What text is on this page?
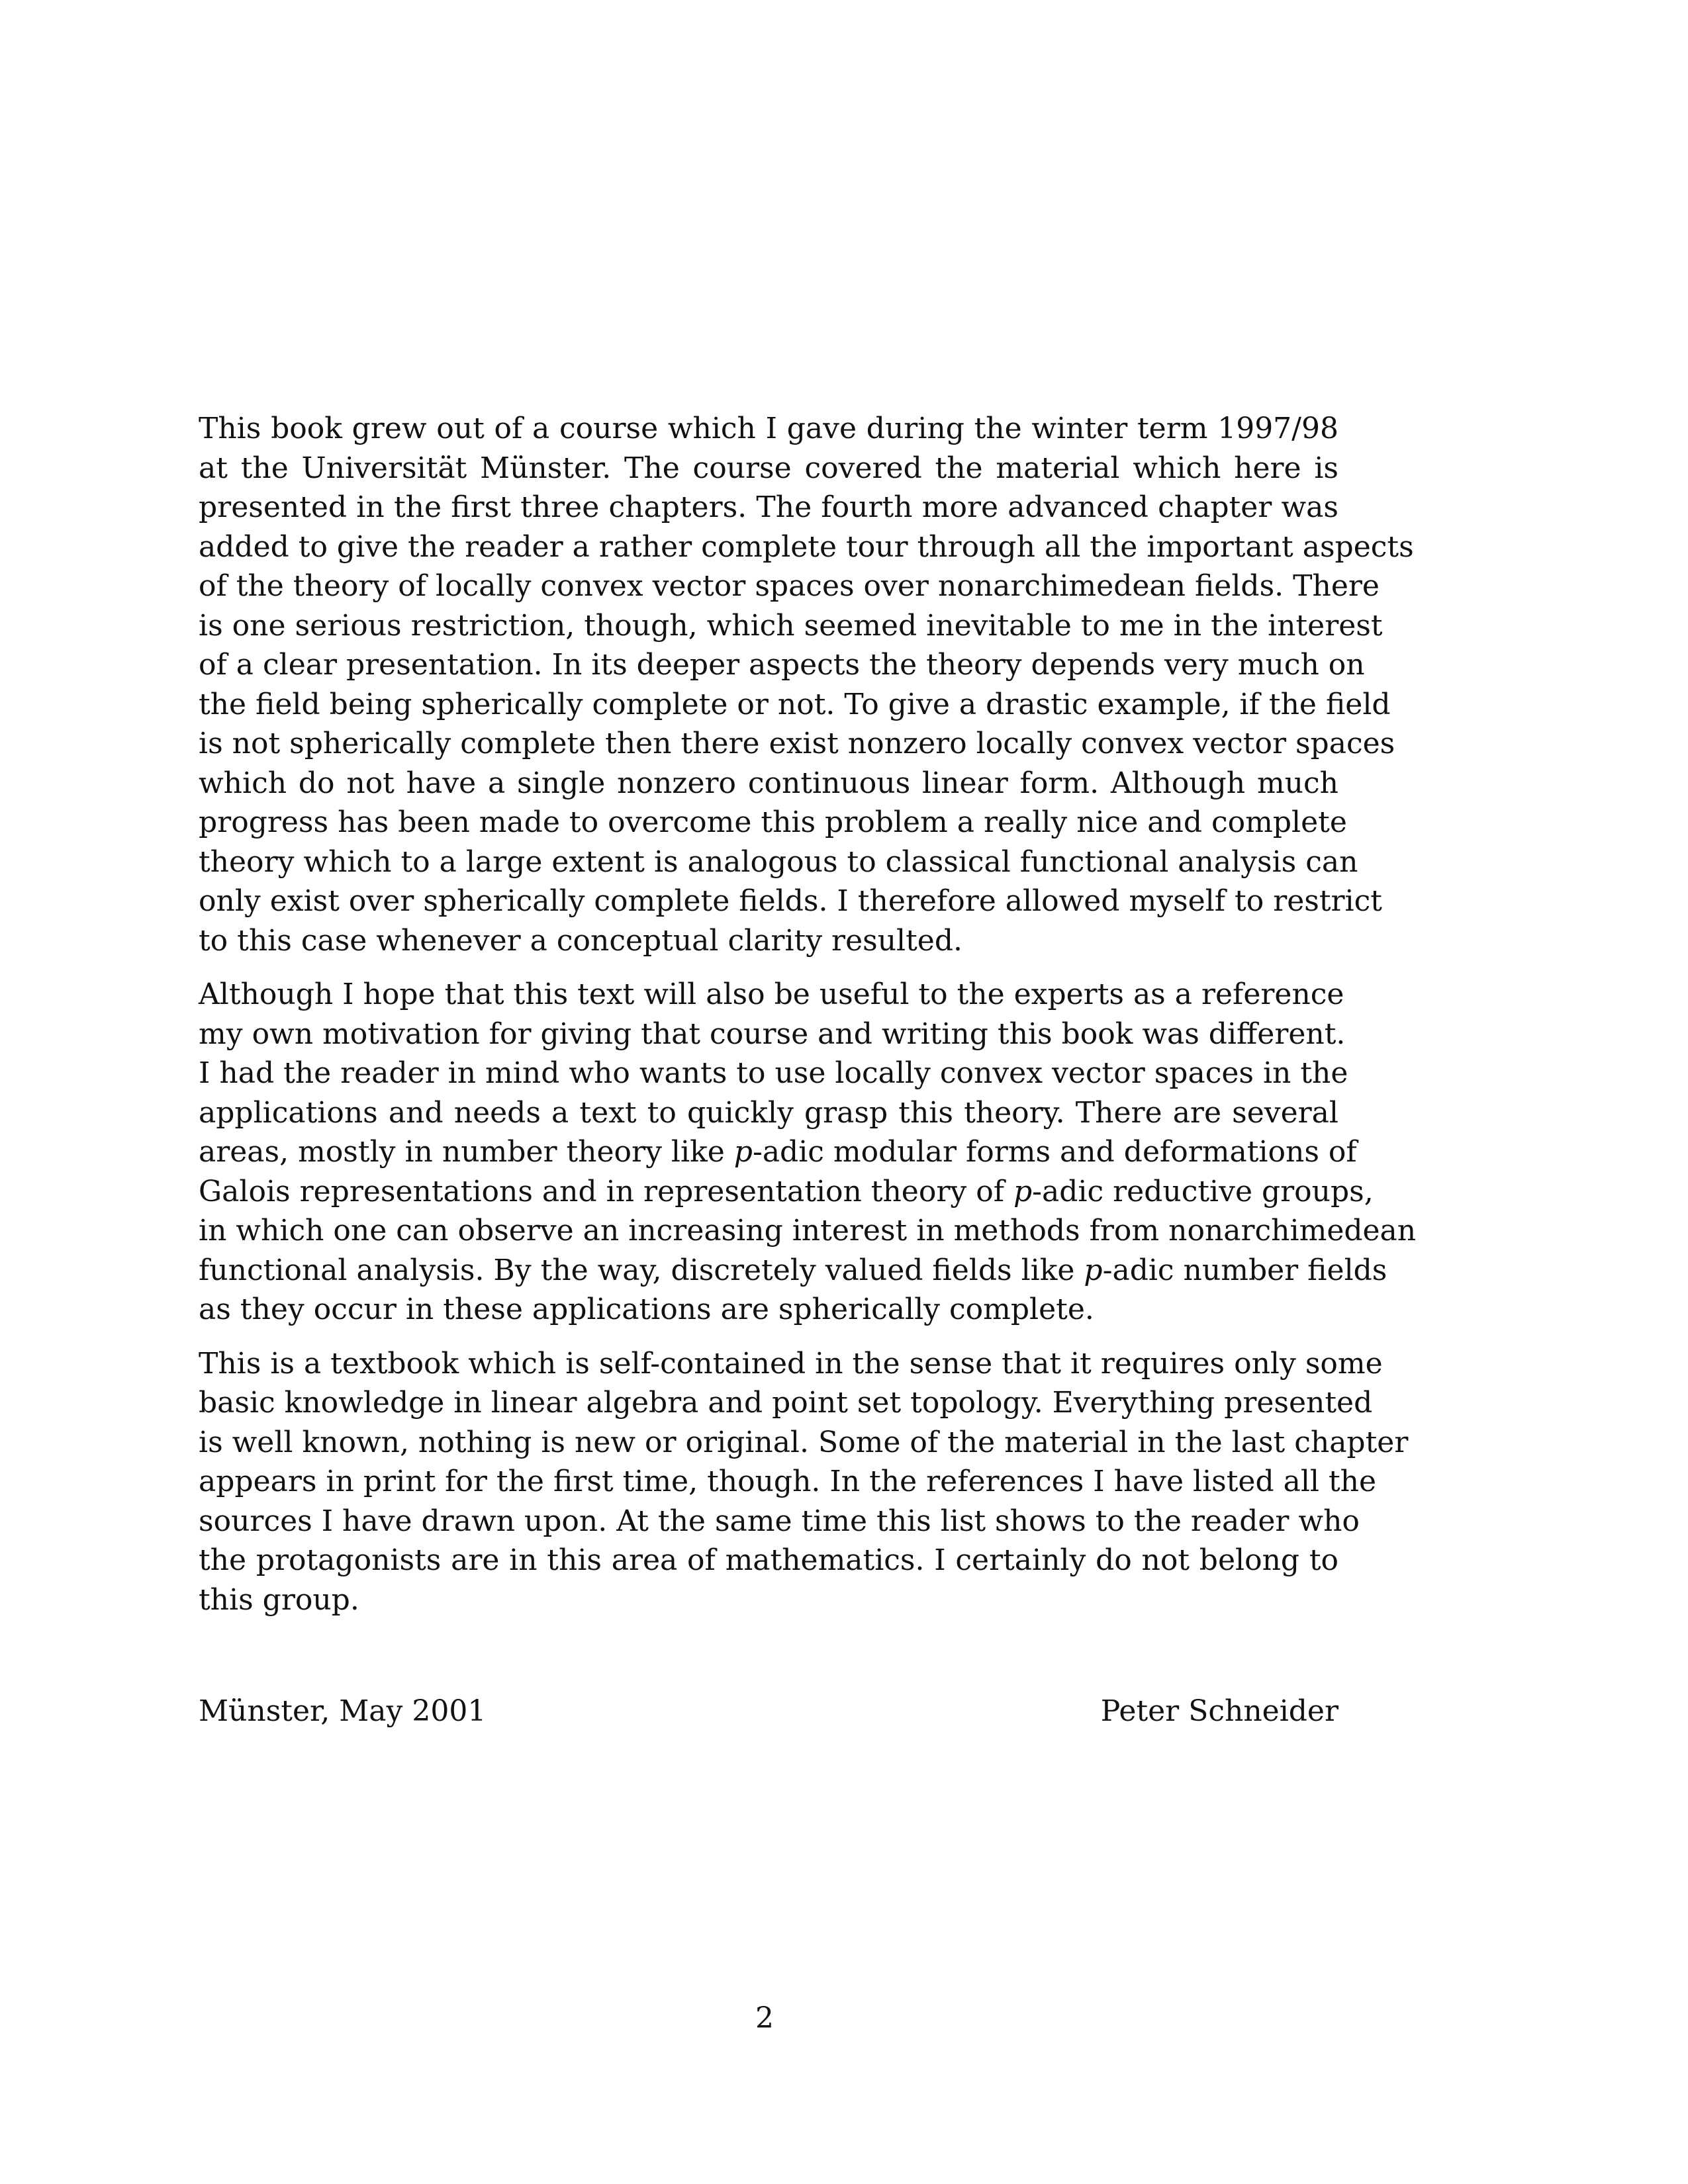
This book grew out of a course which I gave during the winter term 1997/98
at the Universität Münster. The course covered the material which here is
presented in the first three chapters. The fourth more advanced chapter was
added to give the reader a rather complete tour through all the important aspects
of the theory of locally convex vector spaces over nonarchimedean fields. There
is one serious restriction, though, which seemed inevitable to me in the interest
of a clear presentation. In its deeper aspects the theory depends very much on
the field being spherically complete or not. To give a drastic example, if the field
is not spherically complete then there exist nonzero locally convex vector spaces
which do not have a single nonzero continuous linear form. Although much
progress has been made to overcome this problem a really nice and complete
theory which to a large extent is analogous to classical functional analysis can
only exist over spherically complete fields. I therefore allowed myself to restrict
to this case whenever a conceptual clarity resulted.

Although I hope that this text will also be useful to the experts as a reference
my own motivation for giving that course and writing this book was different.
I had the reader in mind who wants to use locally convex vector spaces in the
applications and needs a text to quickly grasp this theory. There are several
areas, mostly in number theory like p-adic modular forms and deformations of
Galois representations and in representation theory of p-adic reductive groups,
in which one can observe an increasing interest in methods from nonarchimedean
functional analysis. By the way, discretely valued fields like p-adic number fields
as they occur in these applications are spherically complete.

This is a textbook which is self-contained in the sense that it requires only some
basic knowledge in linear algebra and point set topology. Everything presented
is well known, nothing is new or original. Some of the material in the last chapter
appears in print for the first time, though. In the references I have listed all the
sources I have drawn upon. At the same time this list shows to the reader who
the protagonists are in this area of mathematics. I certainly do not belong to
this group.

Münster, May 2001	Peter Schneider
2
